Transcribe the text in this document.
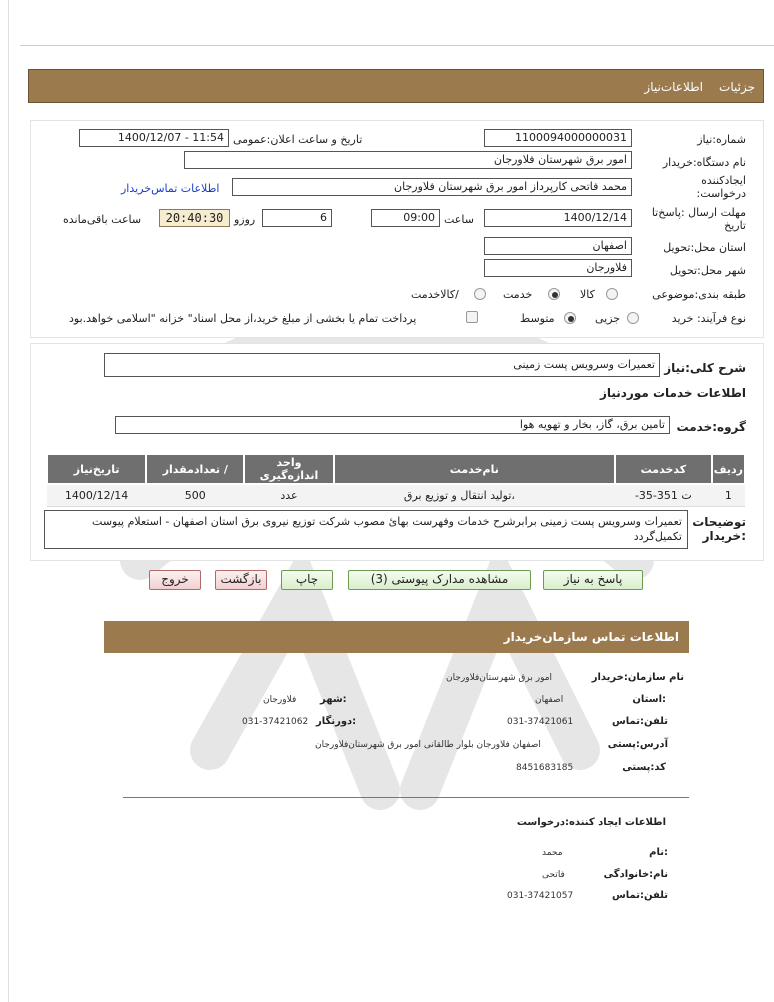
جزئیات
اطلاعات‌نیاز
شماره:نیاز
1100094000000031
تاریخ و ساعت اعلان:عمومی
1400/12/07 - 11:54
نام دستگاه:خریدار
امور برق شهرستان فلاورجان
ایجادکننده درخواست:
محمد فاتحی کارپرداز امور برق شهرستان فلاورجان
اطلاعات تماس‌خریدار
مهلت ارسال :پاسخ‌تا تاریخ
1400/12/14
ساعت
09:00
6
روزو
20:40:30
ساعت باقی‌مانده
استان محل:تحویل
اصفهان
شهر محل:تحویل
فلاورجان
طبقه بندی:موضوعی
کالا
خدمت
/کالاخدمت
نوع فرآیند: خرید
جزیی
متوسط
پرداخت تمام یا بخشی از مبلغ خرید،از محل اسناد" خزانه "اسلامی خواهد.بود
شرح کلی:نیاز
تعمیرات وسرویس پست زمینی
اطلاعات خدمات موردنیاز
گروه:خدمت
تامین برق، گاز، بخار و تهویه هوا
ردیف	کدخدمت	نام‌خدمت	واحد اندازه‌گیری	/ تعدادمقدار	تاریخ‌نیاز
1	ت 351-35-	،تولید انتقال و توزیع برق	عدد	500	1400/12/14
توضیحات :خریدار
تعمیرات وسرویس پست زمینی برابرشرح خدمات وفهرست بهائ مصوب شرکت توزیع نیروی برق استان اصفهان - استعلام پیوست تکمیل‌گردد
پاسخ به نیاز
مشاهده مدارک پیوستی (3)
چاپ
بازگشت
خروج
اطلاعات تماس سازمان‌خریدار
نام سازمان:خریدار
امور برق شهرستان‌فلاورجان
:استان
اصفهان
:شهر
فلاورجان
تلفن:تماس
031-37421061
:دورنگار
031-37421062
آدرس:پستی
اصفهان فلاورجان بلوار طالقانی امور برق شهرستان‌فلاورجان
کد:پستی
8451683185
اطلاعات ایجاد کننده:درخواست
:نام
محمد
نام:خانوادگی
فاتحی
تلفن:تماس
031-37421057
